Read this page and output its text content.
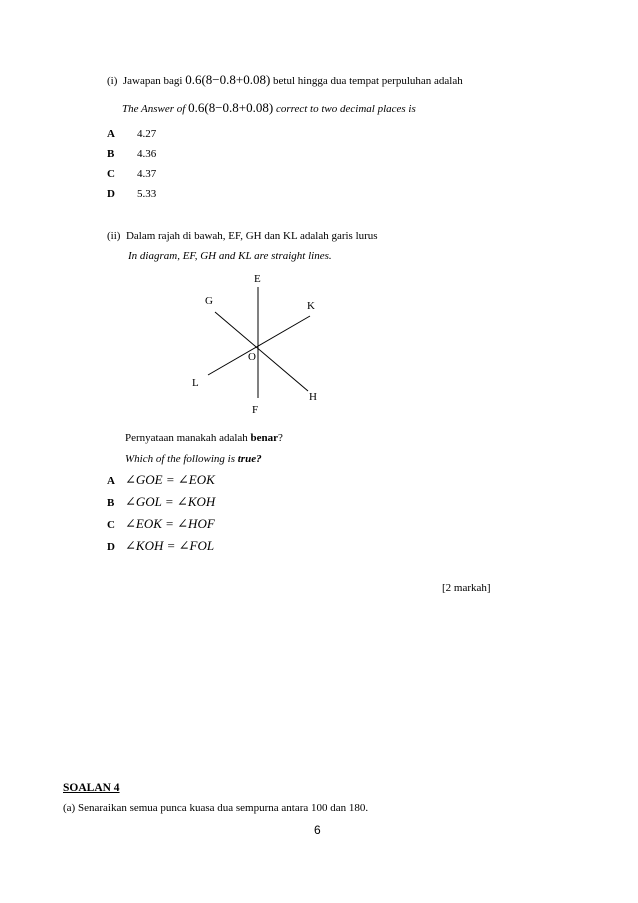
(i) Jawapan bagi 0.6(8−0.8+0.08) betul hingga dua tempat perpuluhan adalah
The Answer of 0.6(8−0.8+0.08) correct to two decimal places is
A 4.27
B 4.36
C 4.37
D 5.33
(ii) Dalam rajah di bawah, EF, GH dan KL adalah garis lurus
In diagram, EF, GH and KL are straight lines.
E
F
G
H
K
L
O
Pernyataan manakah adalah benar?
Which of the following is true?
A ∠GOE = ∠EOK
B ∠GOL = ∠KOH
C ∠EOK = ∠HOF
D ∠KOH = ∠FOL
[2 markah]
SOALAN 4
(a) Senaraikan semua punca kuasa dua sempurna antara 100 dan 180.
6
